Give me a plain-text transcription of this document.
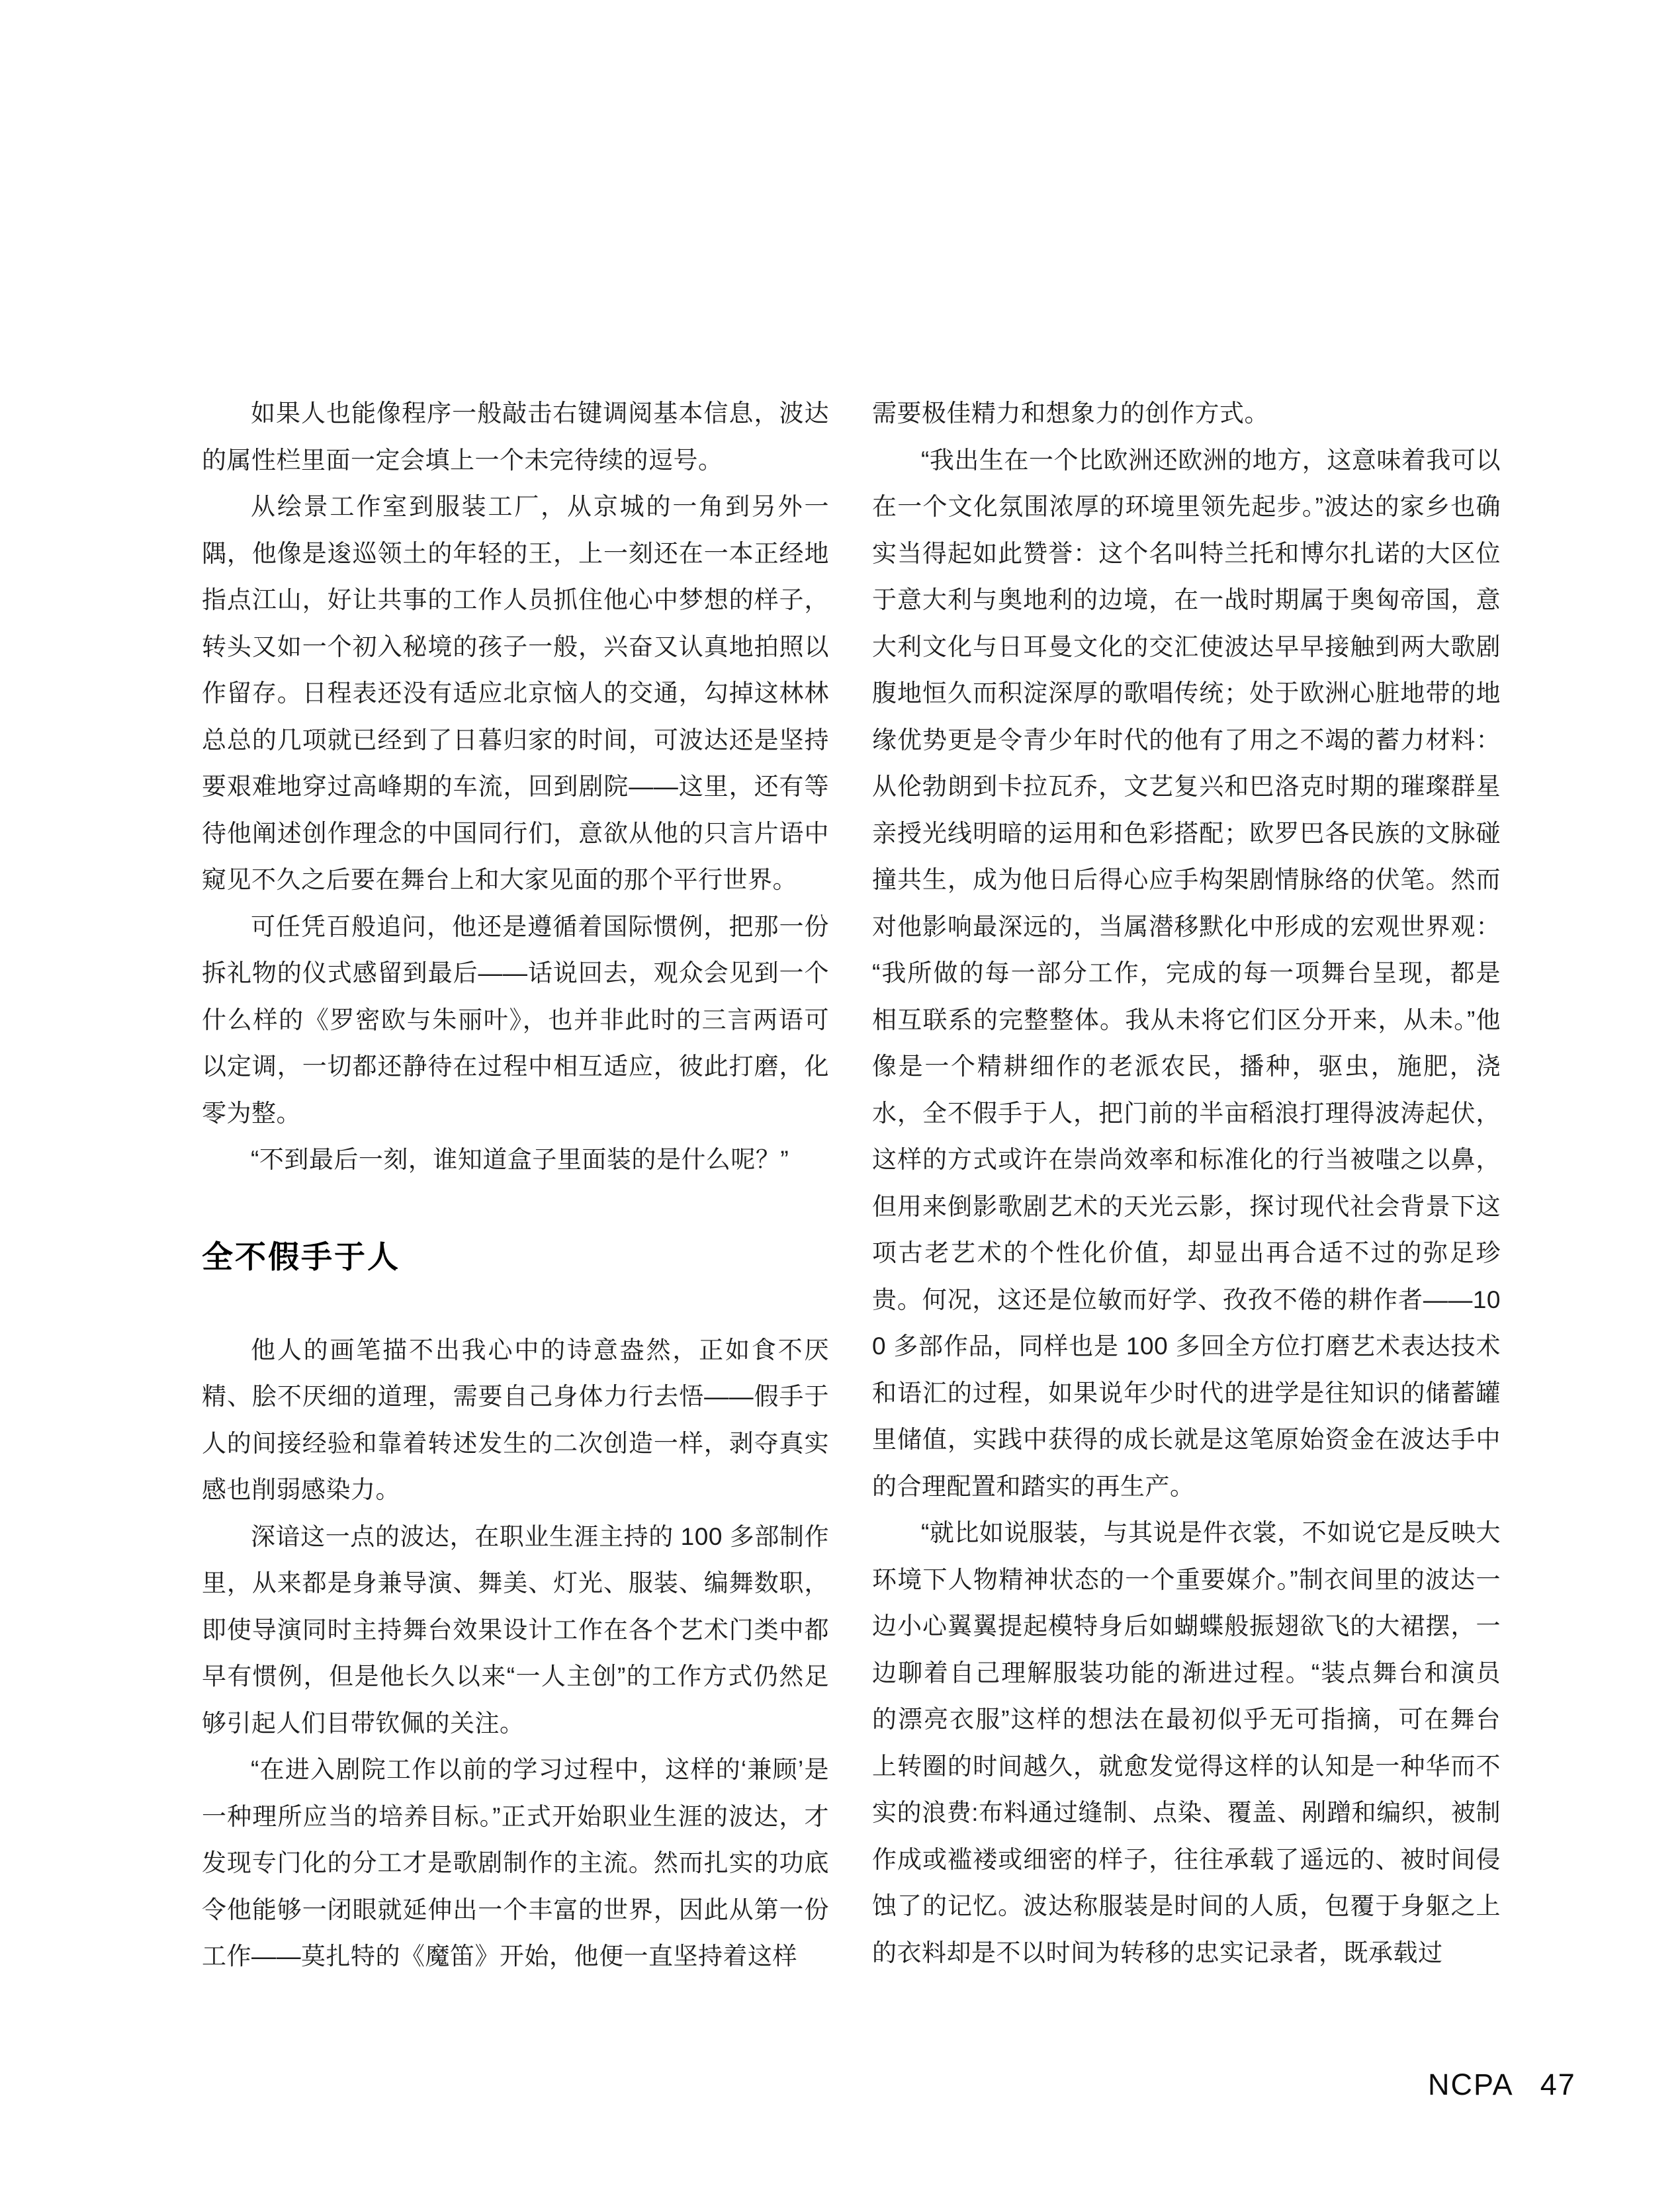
如果人也能像程序一般敲击右键调阅基本信息，波达的属性栏里面一定会填上一个未完待续的逗号。

从绘景工作室到服装工厂，从京城的一角到另外一隅，他像是逡巡领土的年轻的王，上一刻还在一本正经地指点江山，好让共事的工作人员抓住他心中梦想的样子，转头又如一个初入秘境的孩子一般，兴奋又认真地拍照以作留存。日程表还没有适应北京恼人的交通，勾掉这林林总总的几项就已经到了日暮归家的时间，可波达还是坚持要艰难地穿过高峰期的车流，回到剧院——这里，还有等待他阐述创作理念的中国同行们，意欲从他的只言片语中窥见不久之后要在舞台上和大家见面的那个平行世界。

可任凭百般追问，他还是遵循着国际惯例，把那一份拆礼物的仪式感留到最后——话说回去，观众会见到一个什么样的《罗密欧与朱丽叶》，也并非此时的三言两语可以定调，一切都还静待在过程中相互适应，彼此打磨，化零为整。

“不到最后一刻，谁知道盒子里面装的是什么呢？”

全不假手于人

他人的画笔描不出我心中的诗意盎然，正如食不厌精、脍不厌细的道理，需要自己身体力行去悟——假手于人的间接经验和靠着转述发生的二次创造一样，剥夺真实感也削弱感染力。

深谙这一点的波达，在职业生涯主持的 100 多部制作里，从来都是身兼导演、舞美、灯光、服装、编舞数职，即使导演同时主持舞台效果设计工作在各个艺术门类中都早有惯例，但是他长久以来“一人主创”的工作方式仍然足够引起人们目带钦佩的关注。

“在进入剧院工作以前的学习过程中，这样的‘兼顾’是一种理所应当的培养目标。”正式开始职业生涯的波达，才发现专门化的分工才是歌剧制作的主流。然而扎实的功底令他能够一闭眼就延伸出一个丰富的世界，因此从第一份工作——莫扎特的《魔笛》开始，他便一直坚持着这样

需要极佳精力和想象力的创作方式。

“我出生在一个比欧洲还欧洲的地方，这意味着我可以在一个文化氛围浓厚的环境里领先起步。”波达的家乡也确实当得起如此赞誉：这个名叫特兰托和博尔扎诺的大区位于意大利与奥地利的边境，在一战时期属于奥匈帝国，意大利文化与日耳曼文化的交汇使波达早早接触到两大歌剧腹地恒久而积淀深厚的歌唱传统；处于欧洲心脏地带的地缘优势更是令青少年时代的他有了用之不竭的蓄力材料：从伦勃朗到卡拉瓦乔，文艺复兴和巴洛克时期的璀璨群星亲授光线明暗的运用和色彩搭配；欧罗巴各民族的文脉碰撞共生，成为他日后得心应手构架剧情脉络的伏笔。然而对他影响最深远的，当属潜移默化中形成的宏观世界观：“我所做的每一部分工作，完成的每一项舞台呈现，都是相互联系的完整整体。我从未将它们区分开来，从未。”他像是一个精耕细作的老派农民，播种，驱虫，施肥，浇水，全不假手于人，把门前的半亩稻浪打理得波涛起伏，这样的方式或许在崇尚效率和标准化的行当被嗤之以鼻，但用来倒影歌剧艺术的天光云影，探讨现代社会背景下这项古老艺术的个性化价值，却显出再合适不过的弥足珍贵。何况，这还是位敏而好学、孜孜不倦的耕作者——100 多部作品，同样也是 100 多回全方位打磨艺术表达技术和语汇的过程，如果说年少时代的进学是往知识的储蓄罐里储值，实践中获得的成长就是这笔原始资金在波达手中的合理配置和踏实的再生产。

“就比如说服装，与其说是件衣裳，不如说它是反映大环境下人物精神状态的一个重要媒介。”制衣间里的波达一边小心翼翼提起模特身后如蝴蝶般振翅欲飞的大裙摆，一边聊着自己理解服装功能的渐进过程。“装点舞台和演员的漂亮衣服”这样的想法在最初似乎无可指摘，可在舞台上转圈的时间越久，就愈发觉得这样的认知是一种华而不实的浪费:布料通过缝制、点染、覆盖、剐蹭和编织，被制作成或褴褛或细密的样子，往往承载了遥远的、被时间侵蚀了的记忆。波达称服装是时间的人质，包覆于身躯之上的衣料却是不以时间为转移的忠实记录者，既承载过

NCPA 47
